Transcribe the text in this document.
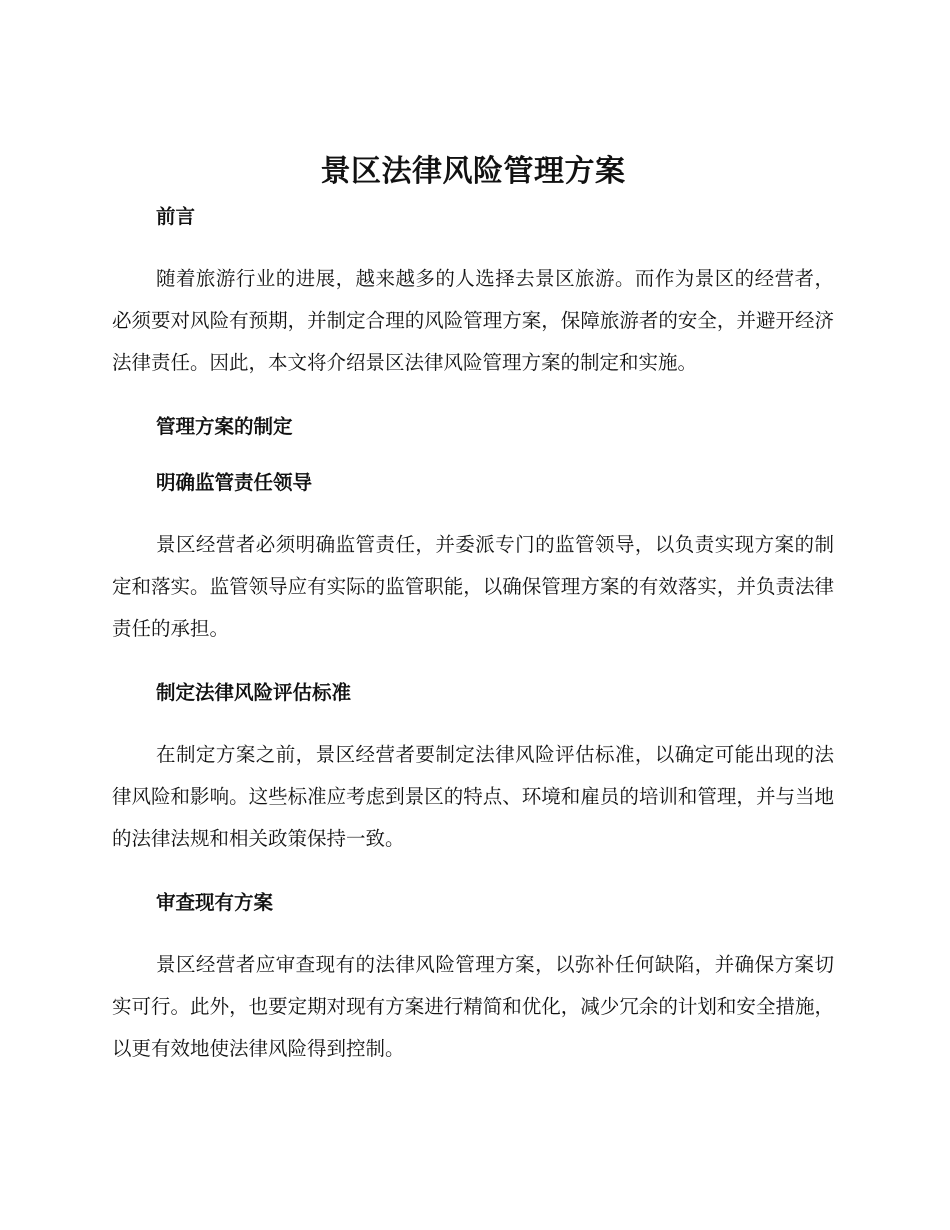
景区法律风险管理方案
前言

随着旅游行业的进展，越来越多的人选择去景区旅游。而作为景区的经营者，必须要对风险有预期，并制定合理的风险管理方案，保障旅游者的安全，并避开经济法律责任。因此，本文将介绍景区法律风险管理方案的制定和实施。

管理方案的制定
明确监管责任领导

景区经营者必须明确监管责任，并委派专门的监管领导，以负责实现方案的制定和落实。监管领导应有实际的监管职能，以确保管理方案的有效落实，并负责法律责任的承担。

制定法律风险评估标准

在制定方案之前，景区经营者要制定法律风险评估标准，以确定可能出现的法律风险和影响。这些标准应考虑到景区的特点、环境和雇员的培训和管理，并与当地的法律法规和相关政策保持一致。

审查现有方案

景区经营者应审查现有的法律风险管理方案，以弥补任何缺陷，并确保方案切实可行。此外，也要定期对现有方案进行精简和优化，减少冗余的计划和安全措施，以更有效地使法律风险得到控制。
